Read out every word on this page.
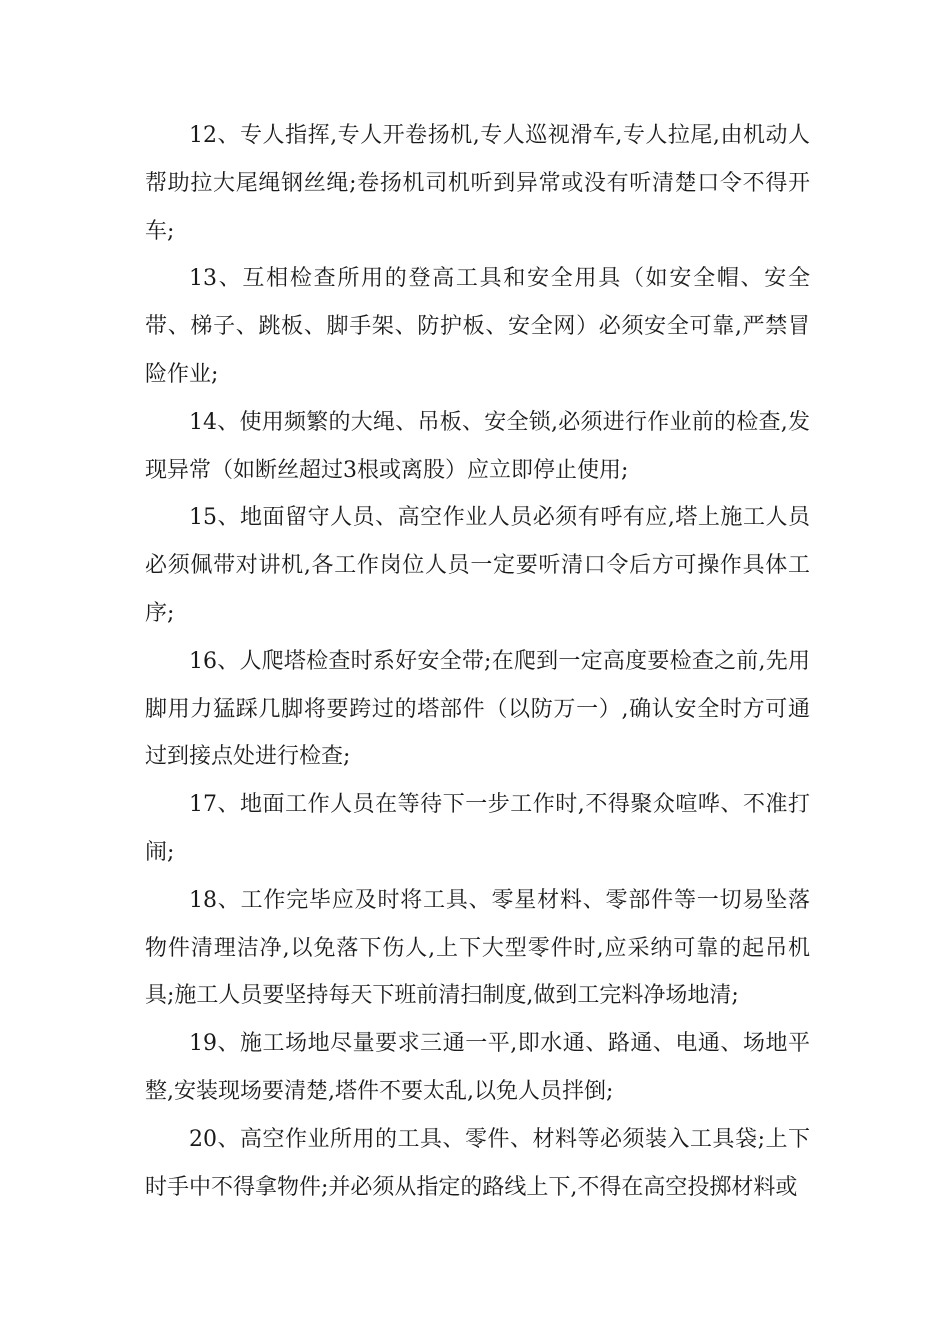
12、专人指挥,专人开卷扬机,专人巡视滑车,专人拉尾,由机动人帮助拉大尾绳钢丝绳;卷扬机司机听到异常或没有听清楚口令不得开车;

13、互相检查所用的登高工具和安全用具（如安全帽、安全带、梯子、跳板、脚手架、防护板、安全网）必须安全可靠,严禁冒险作业;

14、使用频繁的大绳、吊板、安全锁,必须进行作业前的检查,发现异常（如断丝超过3根或离股）应立即停止使用;

15、地面留守人员、高空作业人员必须有呼有应,塔上施工人员必须佩带对讲机,各工作岗位人员一定要听清口令后方可操作具体工序;

16、人爬塔检查时系好安全带;在爬到一定高度要检查之前,先用脚用力猛踩几脚将要跨过的塔部件（以防万一）,确认安全时方可通过到接点处进行检查;

17、地面工作人员在等待下一步工作时,不得聚众喧哗、不准打闹;

18、工作完毕应及时将工具、零星材料、零部件等一切易坠落物件清理洁净,以免落下伤人,上下大型零件时,应采纳可靠的起吊机具;施工人员要坚持每天下班前清扫制度,做到工完料净场地清;

19、施工场地尽量要求三通一平,即水通、路通、电通、场地平整,安装现场要清楚,塔件不要太乱,以免人员拌倒;

20、高空作业所用的工具、零件、材料等必须装入工具袋;上下时手中不得拿物件;并必须从指定的路线上下,不得在高空投掷材料或
